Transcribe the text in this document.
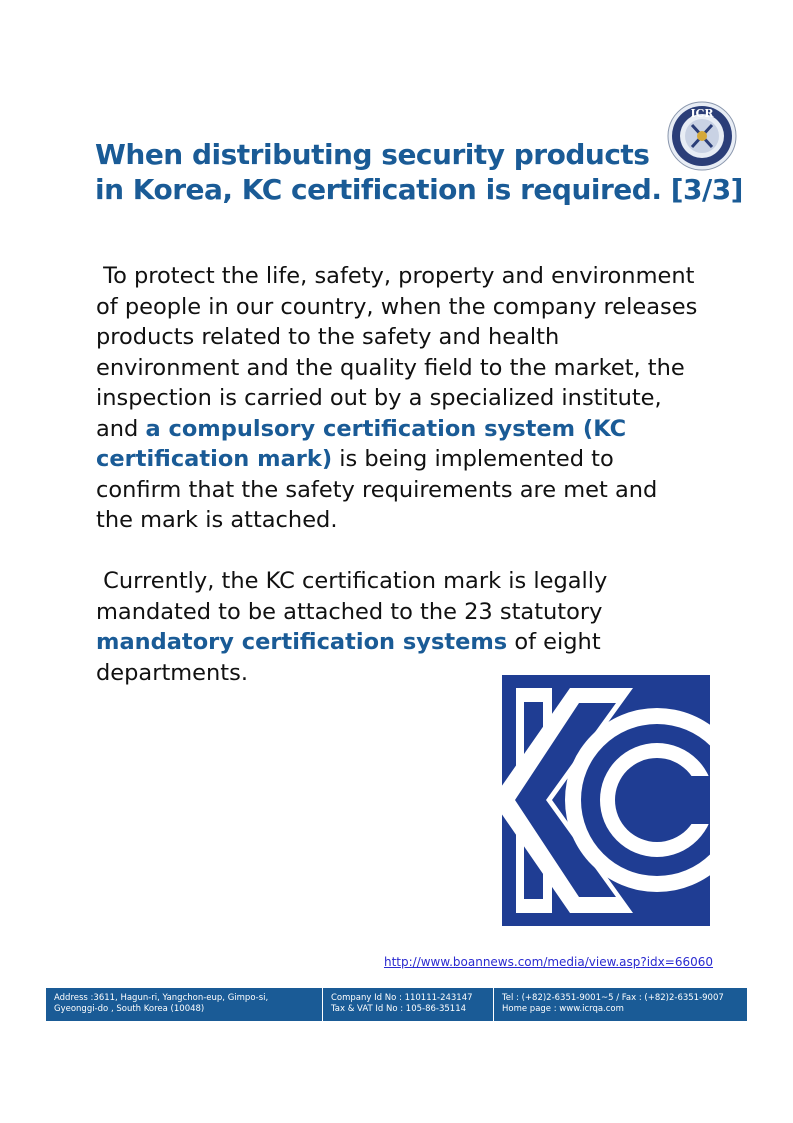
ICR
When distributing security products
in Korea, KC certification is required. [3/3]

To protect the life, safety, property and environment of people in our country, when the company releases products related to the safety and health environment and the quality field to the market, the inspection is carried out by a specialized institute, and a compulsory certification system (KC certification mark) is being implemented to confirm that the safety requirements are met and the mark is attached.

Currently, the KC certification mark is legally mandated to be attached to the 23 statutory mandatory certification systems of eight departments.

http://www.boannews.com/media/view.asp?idx=66060
Address :3611, Hagun-ri, Yangchon-eup, Gimpo-si,
Gyeonggi-do , South Korea (10048)
Company Id No : 110111-243147
Tax & VAT Id No : 105-86-35114
Tel : (+82)2-6351-9001~5 / Fax : (+82)2-6351-9007
Home page : www.icrqa.com
